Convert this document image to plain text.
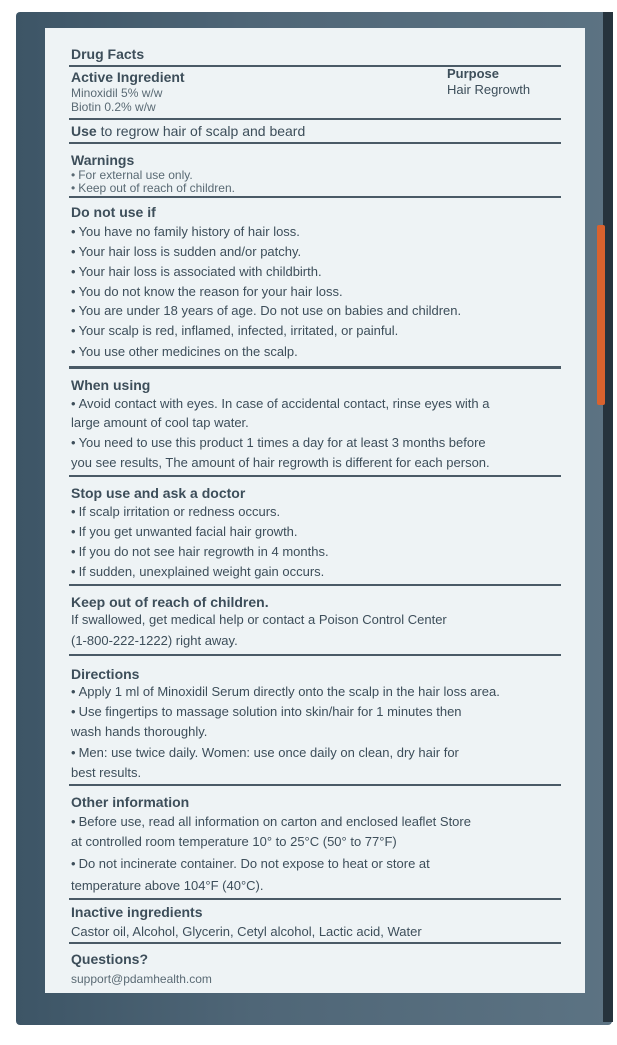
Drug Facts
Active Ingredient
Minoxidil 5% w/w
Biotin 0.2% w/w
Purpose
Hair Regrowth
Use to regrow hair of scalp and beard
Warnings
• For external use only.
• Keep out of reach of children.
Do not use if
• You have no family history of hair loss.
• Your hair loss is sudden and/or patchy.
• Your hair loss is associated with childbirth.
• You do not know the reason for your hair loss.
• You are under 18 years of age. Do not use on babies and children.
• Your scalp is red, inflamed, infected, irritated, or painful.
• You use other medicines on the scalp.
When using
• Avoid contact with eyes. In case of accidental contact, rinse eyes with a
large amount of cool tap water.
• You need to use this product 1 times a day for at least 3 months before
you see results, The amount of hair regrowth is different for each person.
Stop use and ask a doctor
• If scalp irritation or redness occurs.
• If you get unwanted facial hair growth.
• If you do not see hair regrowth in 4 months.
• If sudden, unexplained weight gain occurs.
Keep out of reach of children.
If swallowed, get medical help or contact a Poison Control Center
(1-800-222-1222) right away.
Directions
• Apply 1 ml of Minoxidil Serum directly onto the scalp in the hair loss area.
• Use fingertips to massage solution into skin/hair for 1 minutes then
wash hands thoroughly.
• Men: use twice daily. Women: use once daily on clean, dry hair for
best results.
Other information
• Before use, read all information on carton and enclosed leaflet Store
at controlled room temperature 10° to 25°C (50° to 77°F)
• Do not incinerate container. Do not expose to heat or store at
temperature above 104°F (40°C).
Inactive ingredients
Castor oil, Alcohol, Glycerin, Cetyl alcohol, Lactic acid, Water
Questions?
support@pdamhealth.com
